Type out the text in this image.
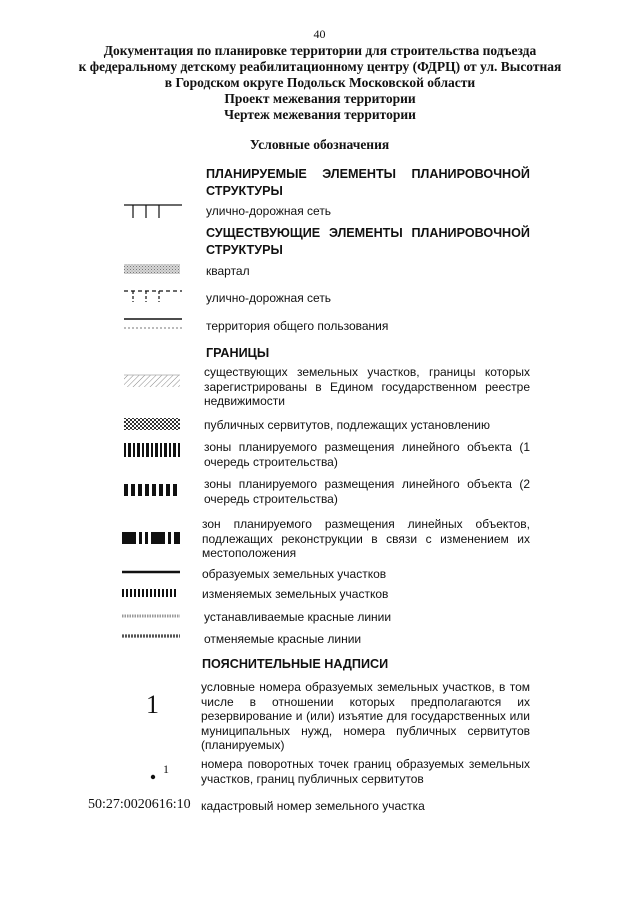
40
Документация по планировке территории для строительства подъезда
к федеральному детскому реабилитационному центру (ФДРЦ) от ул. Высотная
в Городском округе Подольск Московской области
Проект межевания территории
Чертеж межевания территории
Условные обозначения
ПЛАНИРУЕМЫЕ ЭЛЕМЕНТЫ ПЛАНИРОВОЧНОЙ
СТРУКТУРЫ
улично-дорожная сеть
СУЩЕСТВУЮЩИЕ ЭЛЕМЕНТЫ ПЛАНИРОВОЧНОЙ
СТРУКТУРЫ
квартал
улично-дорожная сеть
территория общего пользования
ГРАНИЦЫ
существующих земельных участков, границы которых зарегистрированы в Едином государственном реестре недвижимости
публичных сервитутов, подлежащих установлению
зоны планируемого размещения линейного объекта (1 очередь строительства)
зоны планируемого размещения линейного объекта (2 очередь строительства)
зон планируемого размещения линейных объектов, подлежащих реконструкции в связи с изменением их местоположения
образуемых земельных участков
изменяемых земельных участков
устанавливаемые красные линии
отменяемые красные линии
ПОЯСНИТЕЛЬНЫЕ НАДПИСИ
1
условные номера образуемых земельных участков, в том числе в отношении которых предполагаются их резервирование и (или) изъятие для государственных или муниципальных нужд, номера публичных сервитутов (планируемых)
1	номера поворотных точек границ образуемых земельных участков, границ публичных сервитутов
50:27:0020616:10 кадастровый номер земельного участка
